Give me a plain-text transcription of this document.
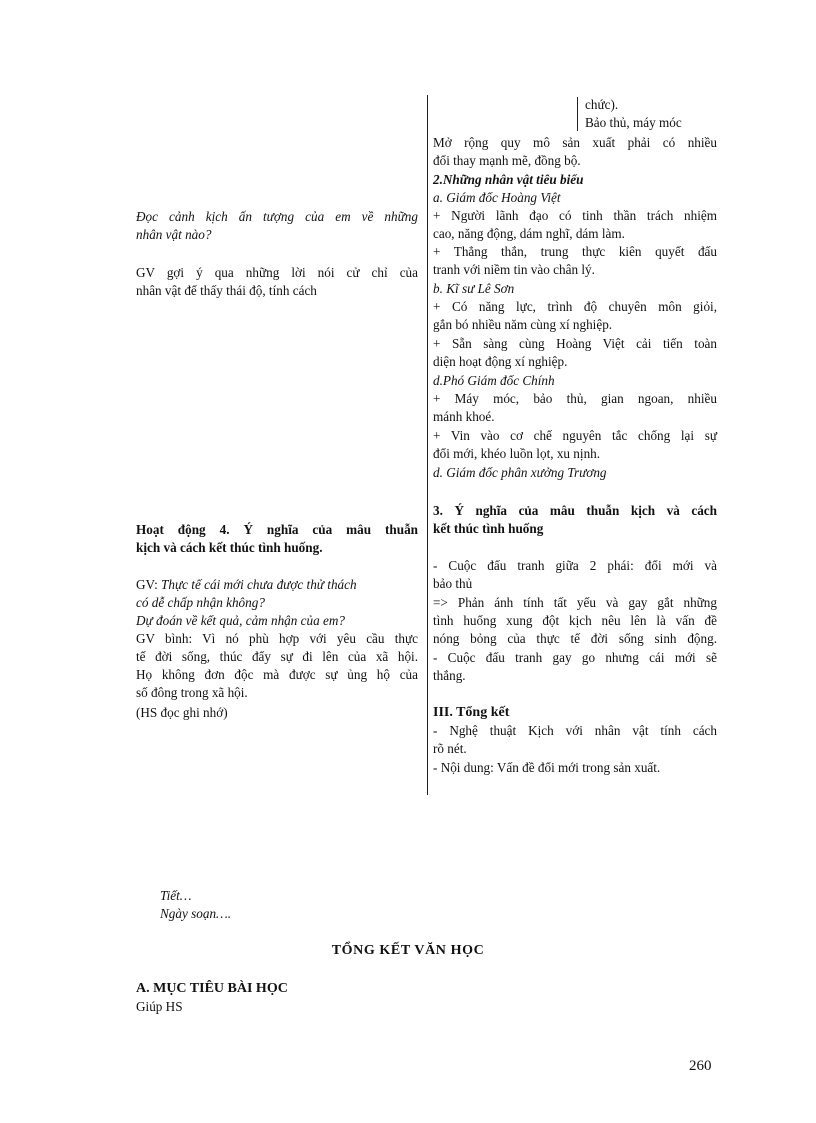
Đọc cảnh kịch ấn tượng của em về những
nhân vật nào?
GV gợi ý qua những lời nói cử chỉ của
nhân vật để thấy thái độ, tính cách
Hoạt động 4. Ý nghĩa của mâu thuẫn
kịch và cách kết thúc tình huống.
GV: Thực tế cái mới chưa được thử thách
có dễ chấp nhận không?
Dự đoán về kết quả, cảm nhận của em?
GV bình: Vì nó phù hợp với yêu cầu thực
tế đời sống, thúc đẩy sự đi lên của xã hội.
Họ không đơn độc mà được sự ủng hộ của
số đông trong xã hội.
(HS đọc ghi nhớ)
chức).
Bảo thủ, máy móc
Mở rộng quy mô sản xuất phải có nhiều
đổi thay mạnh mẽ, đồng bộ.
2.Những nhân vật tiêu biểu
a. Giám đốc Hoàng Việt
+ Người lãnh đạo có tinh thần trách nhiệm
cao, năng động, dám nghĩ, dám làm.
+ Thẳng thắn, trung thực kiên quyết đấu
tranh với niềm tin vào chân lý.
b. Kĩ sư Lê Sơn
+ Có năng lực, trình độ chuyên môn giỏi,
gắn bó nhiều năm cùng xí nghiệp.
+ Sẵn sàng cùng Hoàng Việt cải tiến toàn
diện hoạt động xí nghiệp.
d.Phó Giám đốc Chính
+ Máy móc, bảo thủ, gian ngoan, nhiều
mánh khoé.
+ Vin vào cơ chế nguyên tắc chống lại sự
đổi mới, khéo luồn lọt, xu nịnh.
d. Giám đốc phân xưởng Trương
3. Ý nghĩa của mâu thuẫn kịch và cách
kết thúc tình huống
- Cuộc đấu tranh giữa 2 phái: đổi mới và
bảo thủ
=> Phản ánh tính tất yếu và gay gắt những
tình huống xung đột kịch nêu lên là vấn đề
nóng bỏng của thực tế đời sống sinh động.
- Cuộc đấu tranh gay go nhưng cái mới sẽ
thắng.
III. Tổng kết
- Nghệ thuật Kịch với nhân vật tính cách
rõ nét.
- Nội dung: Vấn đề đổi mới trong sản xuất.
Tiết…
Ngày soạn….
TỔNG KẾT VĂN HỌC
A. MỤC TIÊU BÀI HỌC
Giúp HS
260
